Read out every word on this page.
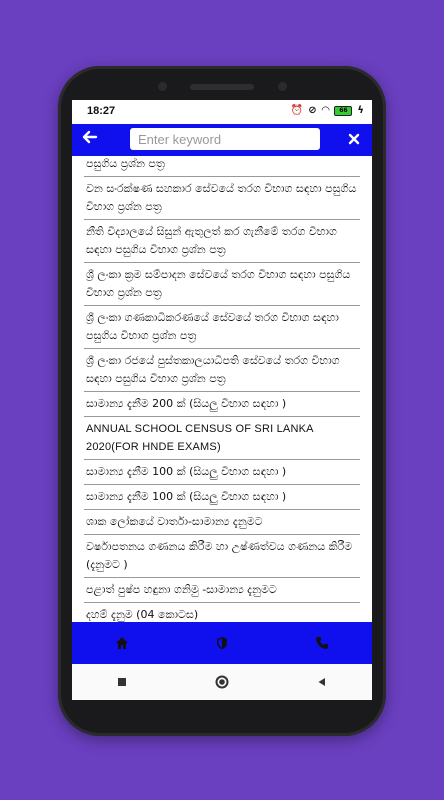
18:27	⏰ ⊘ ◠	66 ϟ
Enter keyword
පසුගිය ප්‍රශ්න පත්‍ර
වන සංරක්ෂණ සහකාර සේවයේ තරග විභාග සඳහා පසුගිය විභාග ප්‍රශ්න පත්‍ර
නීති විද්‍යාලයේ සිසුන් ඇතුලත් කර ගැනීමේ තරග විභාග සඳහා පසුගිය විභාග ප්‍රශ්න පත්‍ර
ශ්‍රී ලංකා ක්‍රම සම්පාදන සේවයේ තරග විභාග සඳහා පසුගිය විභාග ප්‍රශ්න පත්‍ර
ශ්‍රී ලංකා ගණකාධිකරණයේ සේවයේ තරග විභාග සඳහා පසුගිය විභාග ප්‍රශ්න පත්‍ර
ශ්‍රී ලංකා රජයේ පුස්තකාලයාධිපති සේවයේ තරග විභාග සඳහා පසුගිය විභාග ප්‍රශ්න පත්‍ර
සාමාන්‍ය දැනීම 200 ක් (සියලු විභාග සඳහා )
ANNUAL SCHOOL CENSUS OF SRI LANKA 2020(FOR HNDE EXAMS)
සාමාන්‍ය දැනීම 100 ක් (සියලු විභාග සඳහා )
සාමාන්‍ය දැනීම 100 ක් (සියලු විභාග සඳහා )
ශාක ලෝකයේ වාර්තා-සාමාන්‍ය දැනුමට
වර්ෂාපතනය ගණනය කිරීම හා උෂ්ණත්වය ගණනය කිරීම (දැනුමට )
පළාත් පුෂ්ප හඳුනා ගනිමු -සාමාන්‍ය දැනුමට
දහම් දැනුම (04 කොටස)
